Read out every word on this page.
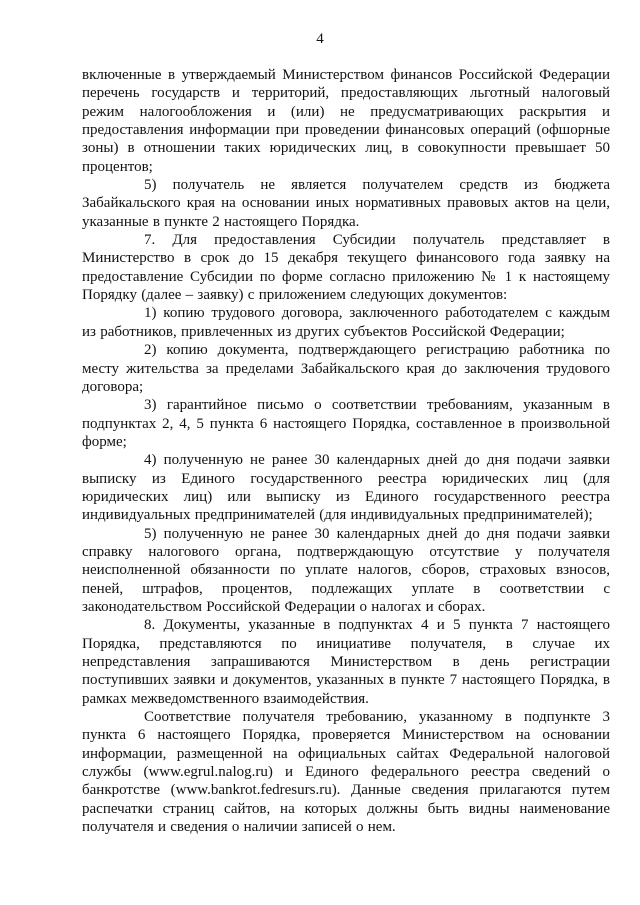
4

включенные в утверждаемый Министерством финансов Российской Федерации перечень государств и территорий, предоставляющих льготный налоговый режим налогообложения и (или) не предусматривающих раскрытия и предоставления информации при проведении финансовых операций (офшорные зоны) в отношении таких юридических лиц, в совокупности превышает 50 процентов;

5) получатель не является получателем средств из бюджета Забайкальского края на основании иных нормативных правовых актов на цели, указанные в пункте 2 настоящего Порядка.

7. Для предоставления Субсидии получатель представляет в Министерство в срок до 15 декабря текущего финансового года заявку на предоставление Субсидии по форме согласно приложению № 1 к настоящему Порядку (далее – заявку) с приложением следующих документов:

1) копию трудового договора, заключенного работодателем с каждым из работников, привлеченных из других субъектов Российской Федерации;

2) копию документа, подтверждающего регистрацию работника по месту жительства за пределами Забайкальского края до заключения трудового договора;

3) гарантийное письмо о соответствии требованиям, указанным в подпунктах 2, 4, 5 пункта 6 настоящего Порядка, составленное в произвольной форме;

4) полученную не ранее 30 календарных дней до дня подачи заявки выписку из Единого государственного реестра юридических лиц (для юридических лиц) или выписку из Единого государственного реестра индивидуальных предпринимателей (для индивидуальных предпринимателей);

5) полученную не ранее 30 календарных дней до дня подачи заявки справку налогового органа, подтверждающую отсутствие у получателя неисполненной обязанности по уплате налогов, сборов, страховых взносов, пеней, штрафов, процентов, подлежащих уплате в соответствии с законодательством Российской Федерации о налогах и сборах.

8. Документы, указанные в подпунктах 4 и 5 пункта 7 настоящего Порядка, представляются по инициативе получателя, в случае их непредставления запрашиваются Министерством в день регистрации поступивших заявки и документов, указанных в пункте 7 настоящего Порядка, в рамках межведомственного взаимодействия.

Соответствие получателя требованию, указанному в подпункте 3 пункта 6 настоящего Порядка, проверяется Министерством на основании информации, размещенной на официальных сайтах Федеральной налоговой службы (www.egrul.nalog.ru) и Единого федерального реестра сведений о банкротстве (www.bankrot.fedresurs.ru). Данные сведения прилагаются путем распечатки страниц сайтов, на которых должны быть видны наименование получателя и сведения о наличии записей о нем.
